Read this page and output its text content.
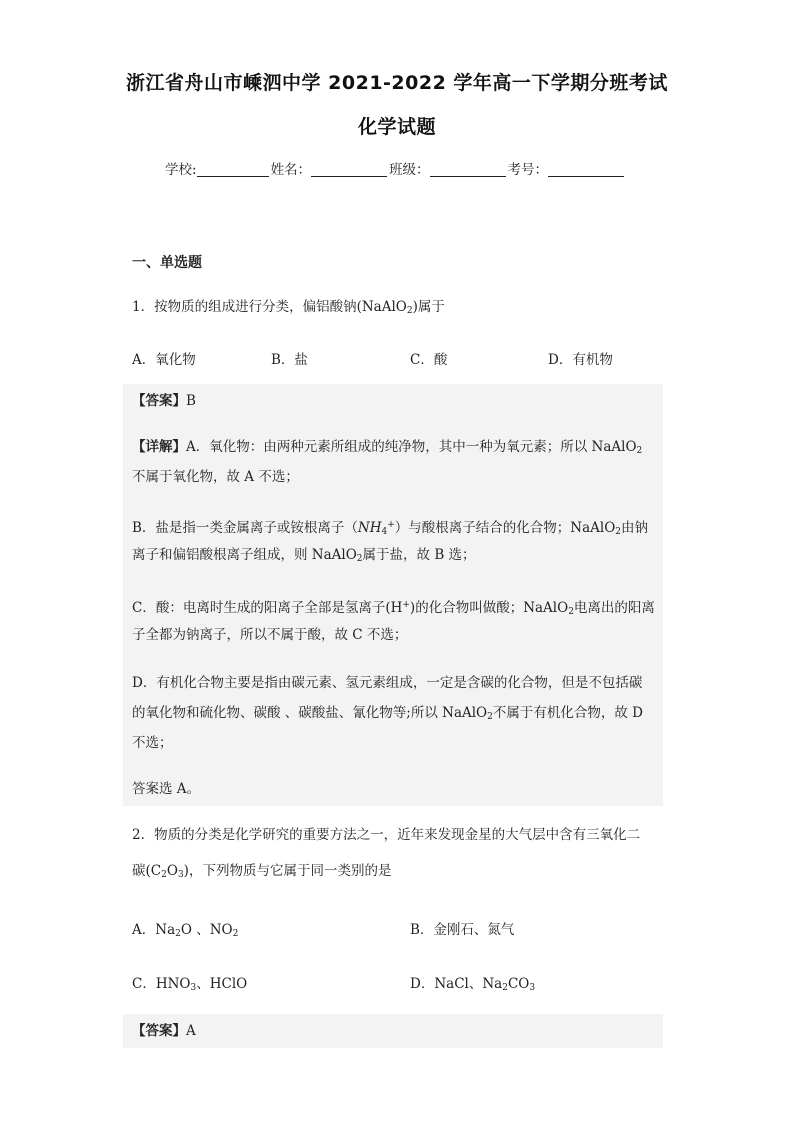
浙江省舟山市嵊泗中学 2021-2022 学年高一下学期分班考试
化学试题
学校:	姓名：	班级：	考号：
一、单选题
1．按物质的组成进行分类，偏铝酸钠(NaAlO$_2$)属于
A．氧化物	B．盐	C．酸	D．有机物
【答案】B
【详解】A．氧化物：由两种元素所组成的纯净物，其中一种为氧元素；所以 NaAlO$_2$
不属于氧化物，故 A 不选；
B．盐是指一类金属离子或铵根离子$(NH_4^+)$与酸根离子结合的化合物；NaAlO$_2$由钠
离子和偏铝酸根离子组成，则 NaAlO$_2$属于盐，故 B 选；
C．酸：电离时生成的阳离子全部是氢离子(H+)的化合物叫做酸；NaAlO$_2$电离出的阳离
子全都为钠离子，所以不属于酸，故 C 不选；
D．有机化合物主要是指由碳元素、氢元素组成，一定是含碳的化合物，但是不包括碳
的氧化物和硫化物、碳酸 、碳酸盐、氰化物等;所以 NaAlO$_2$不属于有机化合物，故 D
不选；
答案选 A。
2．物质的分类是化学研究的重要方法之一，近年来发现金星的大气层中含有三氧化二
碳$(C_2O_3)$，下列物质与它属于同一类别的是
A．$Na_2O$ 、$NO_2$	B．金刚石、氮气
C．$HNO_3$、HClO	D．NaCl、$Na_2CO_3$
【答案】A
